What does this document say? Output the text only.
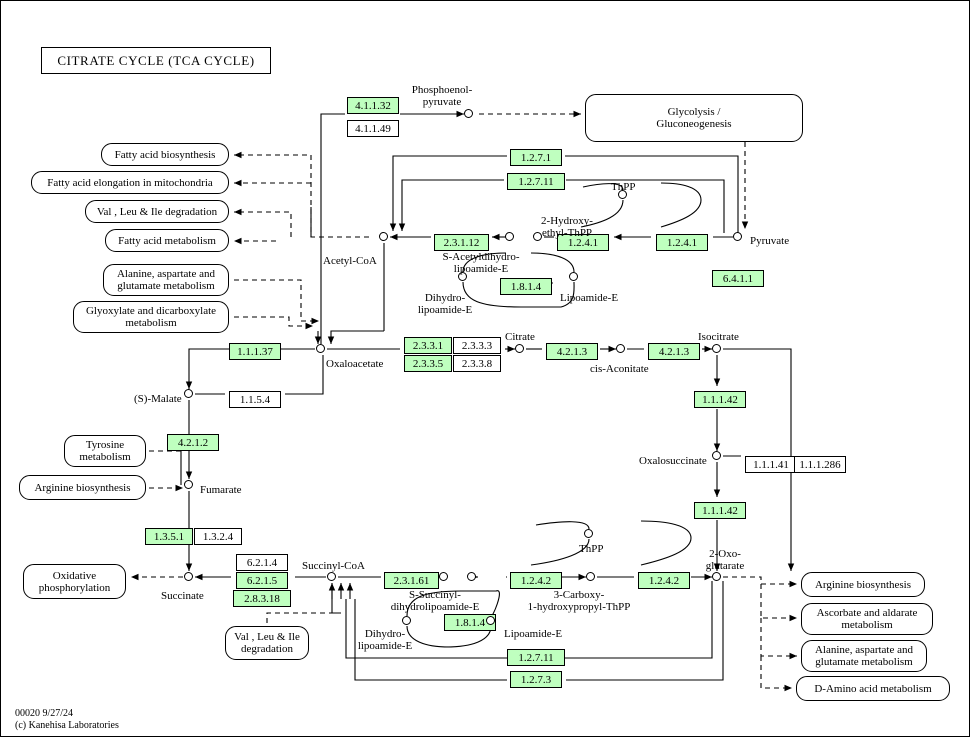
CITRATE CYCLE (TCA CYCLE)
Glycolysis /
Gluconeogenesis
Fatty acid biosynthesis
Fatty acid elongation in mitochondria
Val , Leu & Ile degradation
Fatty acid metabolism
Alanine, aspartate and
glutamate metabolism
Glyoxylate and dicarboxylate
metabolism
Tyrosine
metabolism
Arginine biosynthesis
Oxidative
phosphorylation
Val , Leu & Ile
degradation
Arginine biosynthesis
Ascorbate and aldarate
metabolism
Alanine, aspartate and
glutamate metabolism
D-Amino acid metabolism
4.1.1.32
4.1.1.49
1.2.7.1
1.2.7.11
2.3.1.12	1.2.4.1	1.2.4.1
1.8.1.4
6.4.1.1
2.3.3.1 2.3.3.3
2.3.3.5 2.3.3.8
1.1.1.37	4.2.1.3	4.2.1.3
1.1.5.4	1.1.1.42
4.2.1.2
1.1.1.41 1.1.1.286
1.1.1.42
1.3.5.1 1.3.2.4
6.2.1.4
6.2.1.5
2.8.3.18
2.3.1.61	1.2.4.2	1.2.4.2
1.8.1.4
1.2.7.11
1.2.7.3
Phosphoenol-
pyruvate
ThPP
2-Hydroxy-
ethyl-ThPP
Pyruvate
Acetyl-CoA	S-Acetyldihydro-
lipoamide-E
Dihydro-
lipoamide-E
Lipoamide-E
Citrate	Isocitrate
cis-Aconitate
Oxaloacetate
(S)-Malate
Oxalosuccinate
Fumarate
ThPP	2-Oxo-
glutarate
Succinyl-CoA
S-Succinyl-
dihydrolipoamide-E
3-Carboxy-
1-hydroxypropyl-ThPP
Succinate
Dihydro-
lipoamide-E
Lipoamide-E
00020 9/27/24
(c) Kanehisa Laboratories
